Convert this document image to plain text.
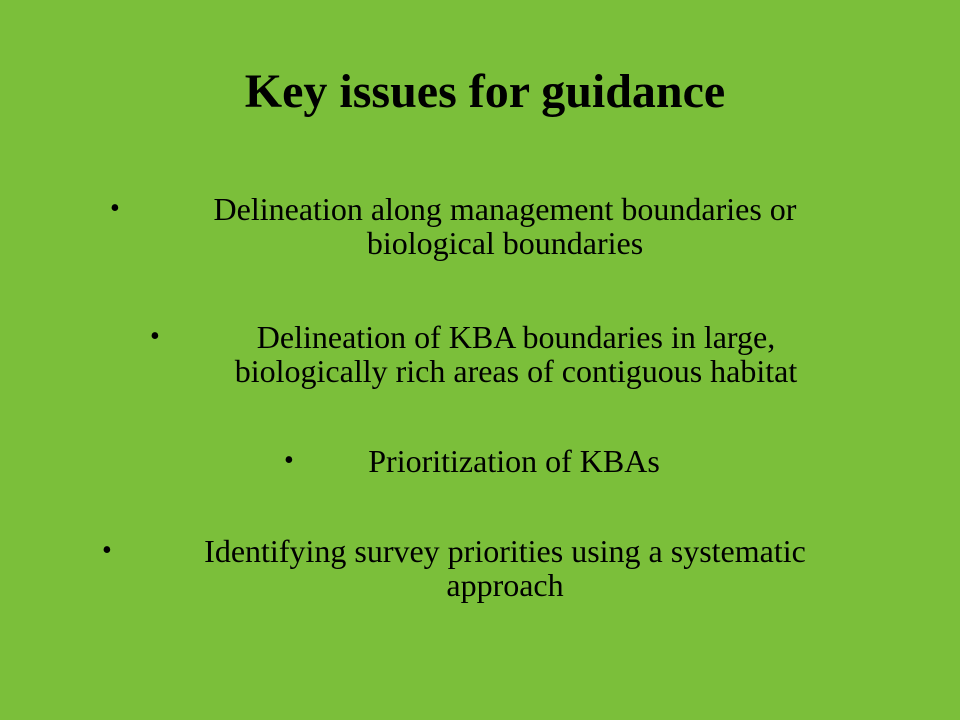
Key issues for guidance
•	Delineation along management boundaries or
biological boundaries
•	Delineation of KBA boundaries in large,
biologically rich areas of contiguous habitat
•	Prioritization of KBAs
•	Identifying survey priorities using a systematic
approach
